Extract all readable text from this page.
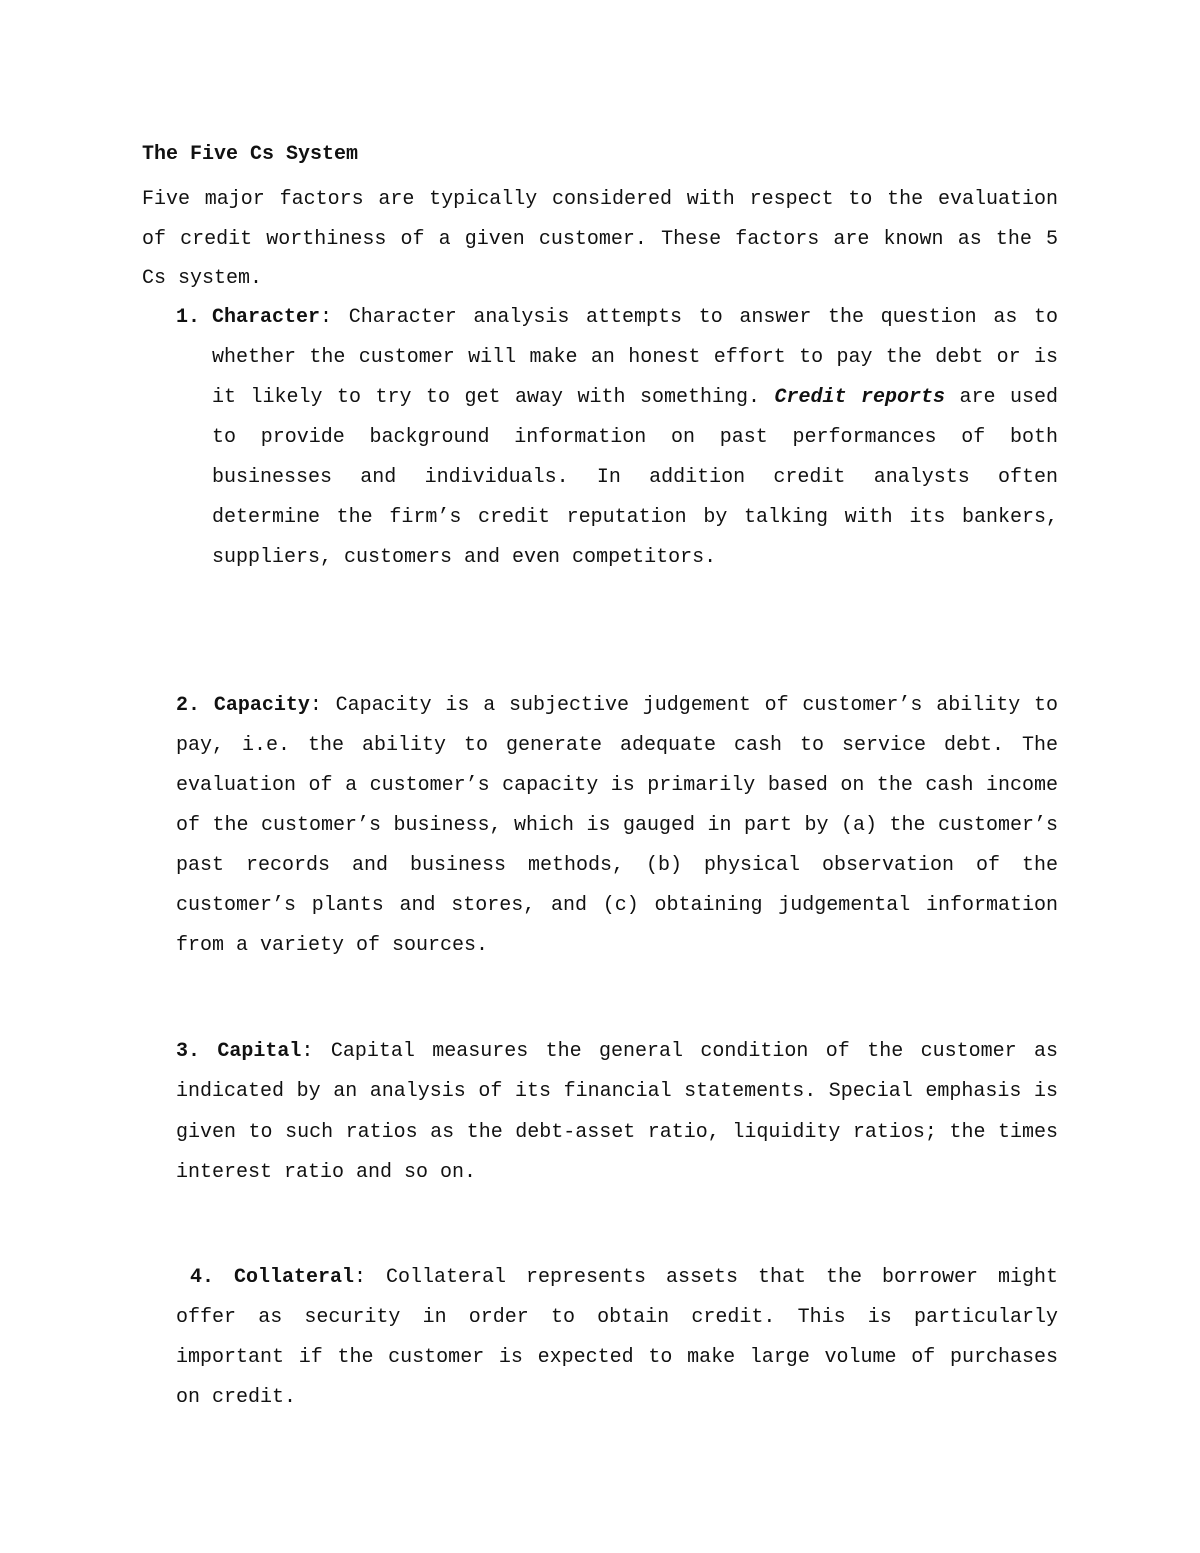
The Five Cs System

Five major factors are typically considered with respect to the evaluation of credit worthiness of a given customer. These factors are known as the 5 Cs system.

1. Character: Character analysis attempts to answer the question as to whether the customer will make an honest effort to pay the debt or is it likely to try to get away with something. Credit reports are used to provide background information on past performances of both businesses and individuals. In addition credit analysts often determine the firm’s credit reputation by talking with its bankers, suppliers, customers and even competitors.

2. Capacity: Capacity is a subjective judgement of customer’s ability to pay, i.e. the ability to generate adequate cash to service debt. The evaluation of a customer’s capacity is primarily based on the cash income of the customer’s business, which is gauged in part by (a) the customer’s past records and business methods, (b) physical observation of the customer’s plants and stores, and (c) obtaining judgemental information from a variety of sources.

3. Capital: Capital measures the general condition of the customer as indicated by an analysis of its financial statements. Special emphasis is given to such ratios as the debt-asset ratio, liquidity ratios; the times interest ratio and so on.

4. Collateral: Collateral represents assets that the borrower might offer as security in order to obtain credit. This is particularly important if the customer is expected to make large volume of purchases on credit.
